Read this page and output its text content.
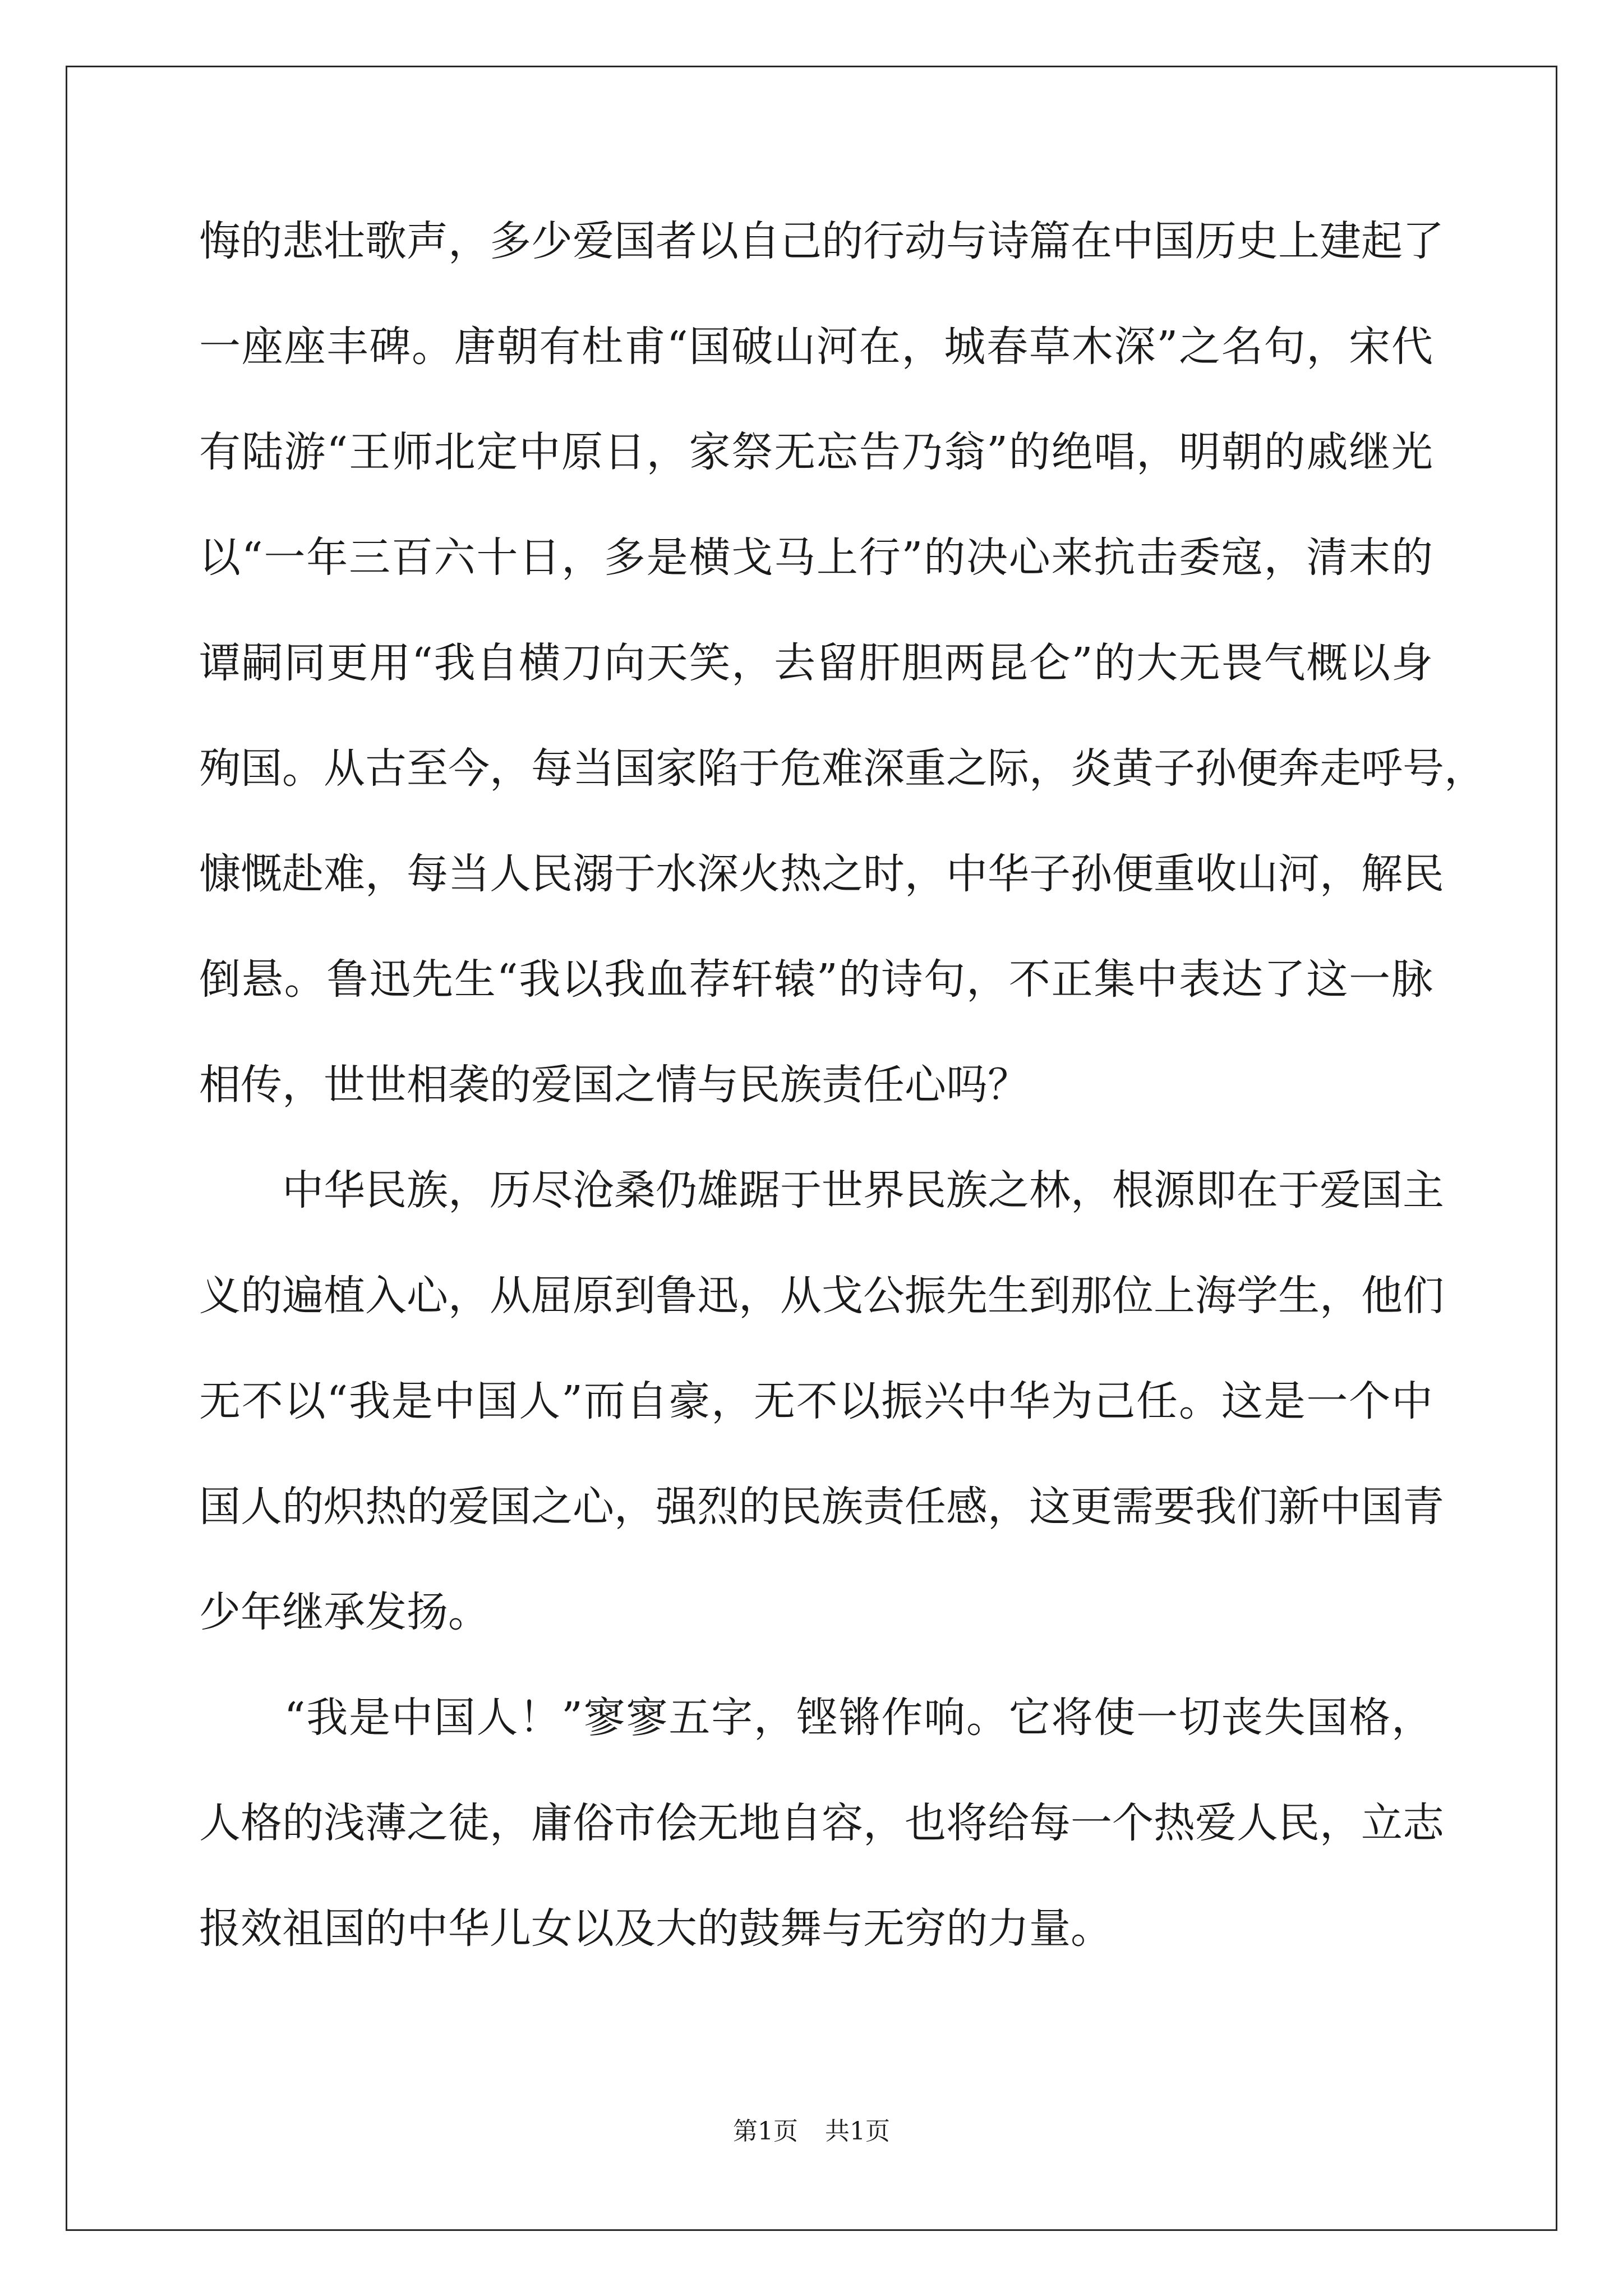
悔的悲壮歌声，多少爱国者以自己的行动与诗篇在中国历史上建起了
一座座丰碑。唐朝有杜甫“国破山河在，城春草木深”之名句，宋代
有陆游“王师北定中原日，家祭无忘告乃翁”的绝唱，明朝的戚继光
以“一年三百六十日，多是横戈马上行”的决心来抗击委寇，清末的
谭嗣同更用“我自横刀向天笑，去留肝胆两昆仑”的大无畏气概以身
殉国。从古至今，每当国家陷于危难深重之际，炎黄子孙便奔走呼号，
慷慨赴难，每当人民溺于水深火热之时，中华子孙便重收山河，解民
倒悬。鲁迅先生“我以我血荐轩辕”的诗句，不正集中表达了这一脉
相传，世世相袭的爱国之情与民族责任心吗？
　　中华民族，历尽沧桑仍雄踞于世界民族之林，根源即在于爱国主
义的遍植入心，从屈原到鲁迅，从戈公振先生到那位上海学生，他们
无不以“我是中国人”而自豪，无不以振兴中华为己任。这是一个中
国人的炽热的爱国之心，强烈的民族责任感，这更需要我们新中国青
少年继承发扬。
　　“我是中国人！”寥寥五字，铿锵作响。它将使一切丧失国格，
人格的浅薄之徒，庸俗市侩无地自容，也将给每一个热爱人民，立志
报效祖国的中华儿女以及大的鼓舞与无穷的力量。
第1页 共1页
